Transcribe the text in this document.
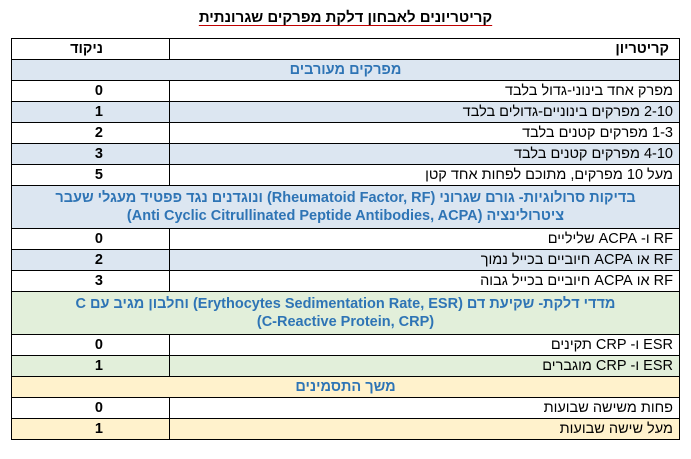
קריטריונים לאבחון דלקת מפרקים שגרונתית
קריטריון	ניקוד
מפרקים מעורבים	
מפרק אחד בינוני-גדול בלבד	0
2-10 מפרקים בינוניים-גדולים בלבד	1
1-3 מפרקים קטנים בלבד	2
4-10 מפרקים קטנים בלבד	3
מעל 10 מפרקים, מתוכם לפחות אחד קטן	5

בדיקות סרולוגיות- גורם שגרוני (Rheumatoid Factor, RF) ונוגדנים נגד פפטיד מעגלי שעבר
ציטרולינציה (Anti Cyclic Citrullinated Peptide Antibodies, ACPA)	

RF ו- ACPA שליליים	0
RF או ACPA חיוביים בכייל נמוך	2
RF או ACPA חיוביים בכייל גבוה	3

מדדי דלקת- שקיעת דם (Erythocytes Sedimentation Rate, ESR) וחלבון מגיב עם C
(C-Reactive Protein, CRP)	

ESR ו- CRP תקינים	0
ESR ו- CRP מוגברים	1
משך התסמינים	
פחות משישה שבועות	0
מעל שישה שבועות	1
